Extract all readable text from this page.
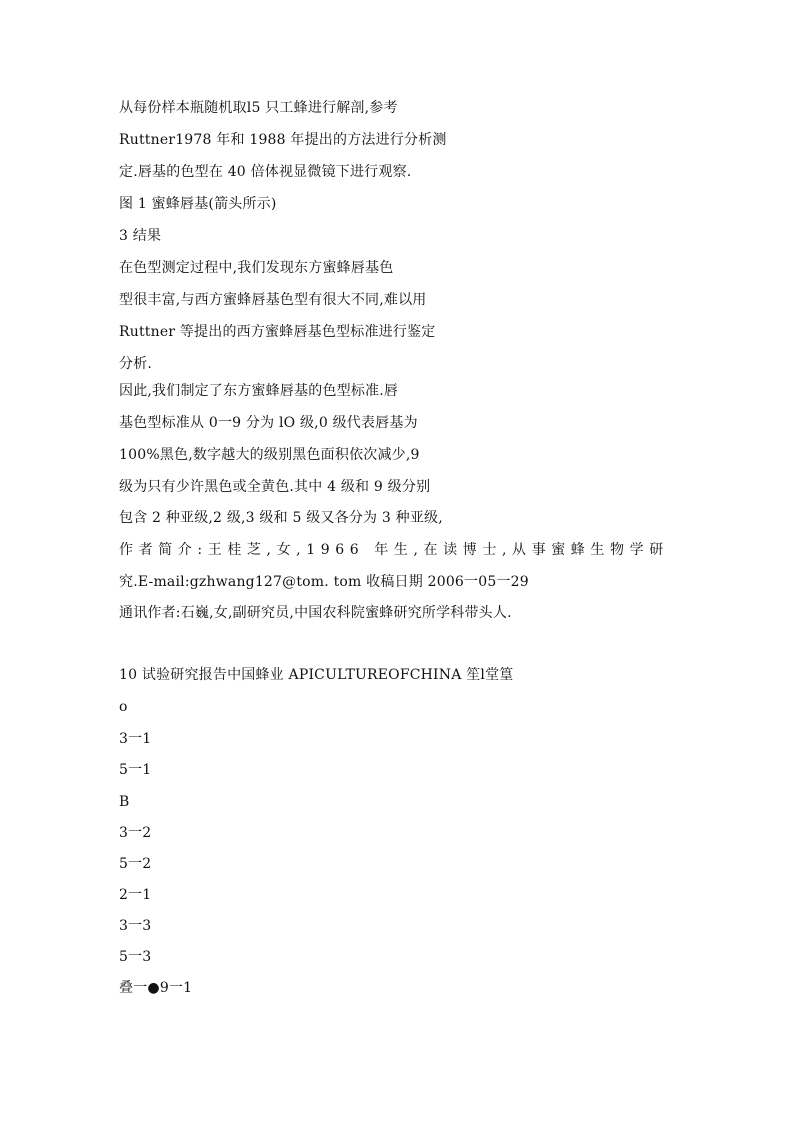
从每份样本瓶随机取l5 只工蜂进行解剖,参考
Ruttner1978 年和 1988 年提出的方法进行分析测
定.唇基的色型在 40 倍体视显微镜下进行观察.
图 1 蜜蜂唇基(箭头所示)
3 结果
在色型测定过程中,我们发现东方蜜蜂唇基色
型很丰富,与西方蜜蜂唇基色型有很大不同,难以用
Ruttner 等提出的西方蜜蜂唇基色型标准进行鉴定
分析.
因此,我们制定了东方蜜蜂唇基的色型标准.唇
基色型标准从 0一9 分为 lO 级,0 级代表唇基为
100%黑色,数字越大的级别黑色面积依次减少,9
级为只有少许黑色或全黄色.其中 4 级和 9 级分别
包含 2 种亚级,2 级,3 级和 5 级又各分为 3 种亚级,
作者简介:王桂芝,女,1966 年生,在读博士,从事蜜蜂生物学研
究.E-mail:gzhwang127@tom. tom 收稿日期 2006一05一29
通讯作者:石巍,女,副研究员,中国农科院蜜蜂研究所学科带头人.
10 试验研究报告中国蜂业 APICULTUREOFCHINA 笙l堂篁
o
3一1
5一1
B
3一2
5一2
2一1
3一3
5一3
叠一●9一1
